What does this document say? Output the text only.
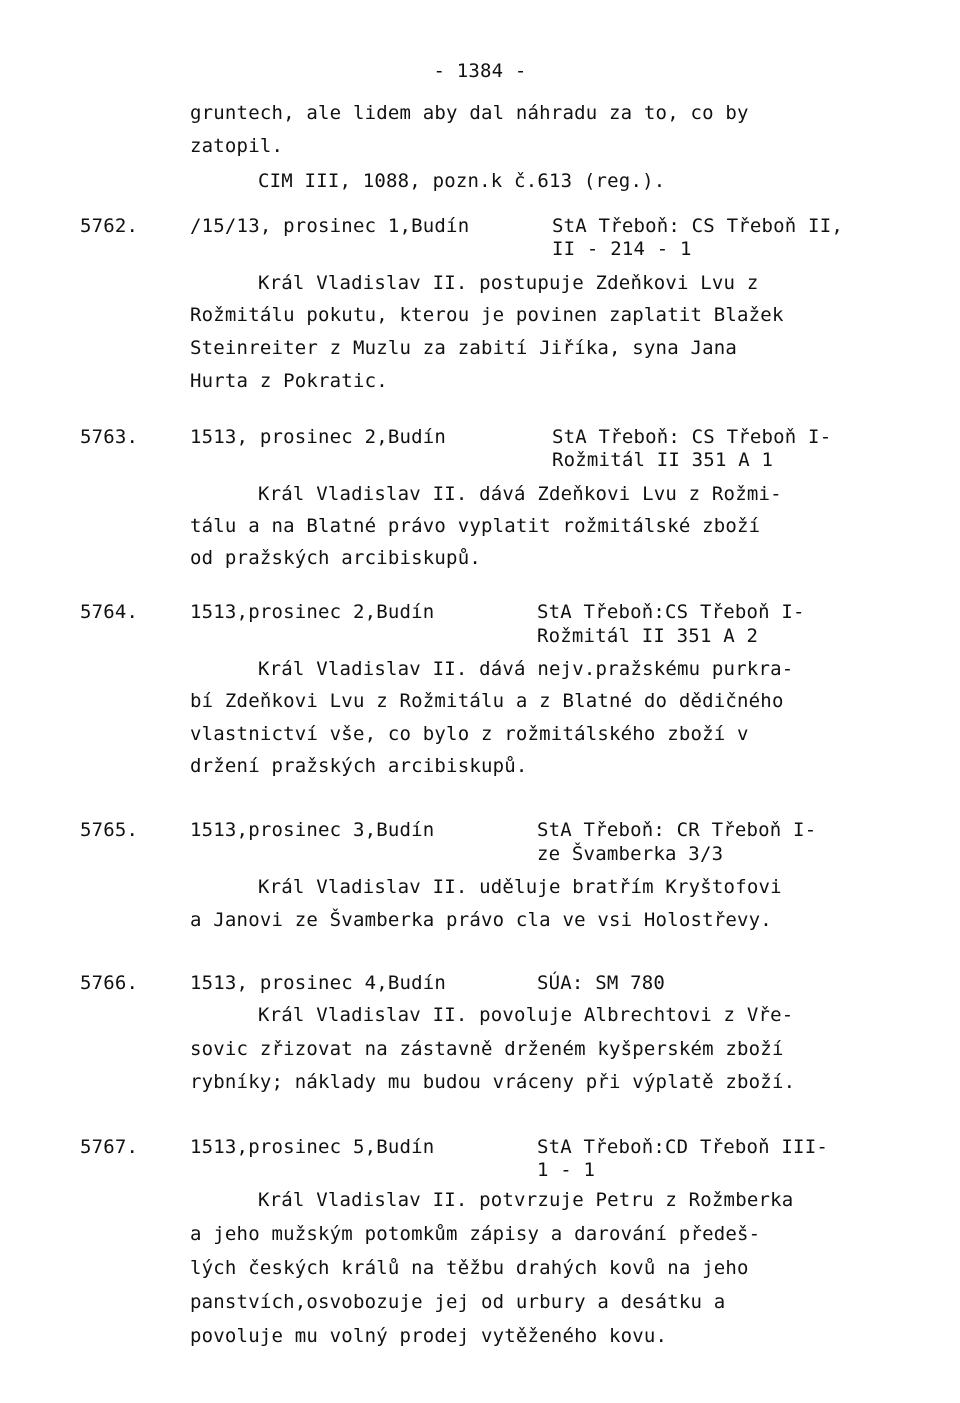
- 1384 -
gruntech, ale lidem aby dal náhradu za to, co by
zatopil.
CIM III, 1088, pozn.k č.613 (reg.).
5762.	/15/13, prosinec 1,Budín	StA Třeboň: CS Třeboň II,
II - 214 - 1
Král Vladislav II. postupuje Zdeňkovi Lvu z
Rožmitálu pokutu, kterou je povinen zaplatit Blažek
Steinreiter z Muzlu za zabití Jiříka, syna Jana
Hurta z Pokratic.
5763.	1513, prosinec 2,Budín	StA Třeboň: CS Třeboň I-
Rožmitál II 351 A 1
Král Vladislav II. dává Zdeňkovi Lvu z Rožmi-
tálu a na Blatné právo vyplatit rožmitálské zboží
od pražských arcibiskupů.
5764.	1513,prosinec 2,Budín	StA Třeboň:CS Třeboň I-
Rožmitál II 351 A 2
Král Vladislav II. dává nejv.pražskému purkra-
bí Zdeňkovi Lvu z Rožmitálu a z Blatné do dědičného
vlastnictví vše, co bylo z rožmitálského zboží v
držení pražských arcibiskupů.
5765.	1513,prosinec 3,Budín	StA Třeboň: CR Třeboň I-
ze Švamberka 3/3
Král Vladislav II. uděluje bratřím Kryštofovi
a Janovi ze Švamberka právo cla ve vsi Holostřevy.
5766.	1513, prosinec 4,Budín	SÚA: SM 780
Král Vladislav II. povoluje Albrechtovi z Vře-
sovic zřizovat na zástavně drženém kyšperském zboží
rybníky; náklady mu budou vráceny při výplatě zboží.
5767.	1513,prosinec 5,Budín	StA Třeboň:CD Třeboň III-
1 - 1
Král Vladislav II. potvrzuje Petru z Rožmberka
a jeho mužským potomkům zápisy a darování předeš-
lých českých králů na těžbu drahých kovů na jeho
panstvích,osvobozuje jej od urbury a desátku a
povoluje mu volný prodej vytěženého kovu.
